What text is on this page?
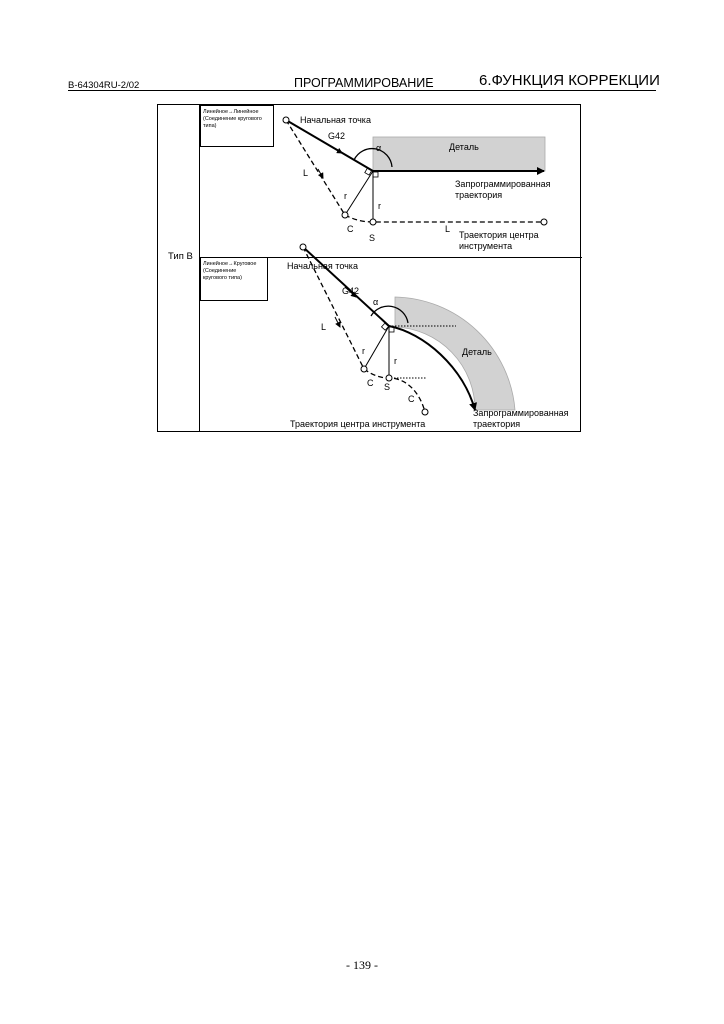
B-64304RU-2/02	ПРОГРАММИРОВАНИЕ	6.ФУНКЦИЯ КОРРЕКЦИИ
Тип B
Линейное→Линейное
(Соединение кругового
типа)
Линейное→Круговое
(Соединение
кругового типа)
Начальная точка
G42
α	Деталь
L
r
r
C
S
L
Запрограммированная
траектория
Траектория центра
инструмента
Начальная точка
G42
α
Деталь
L
r
r
C S
C
Запрограммированная
траектория
Траектория центра инструмента
- 139 -
